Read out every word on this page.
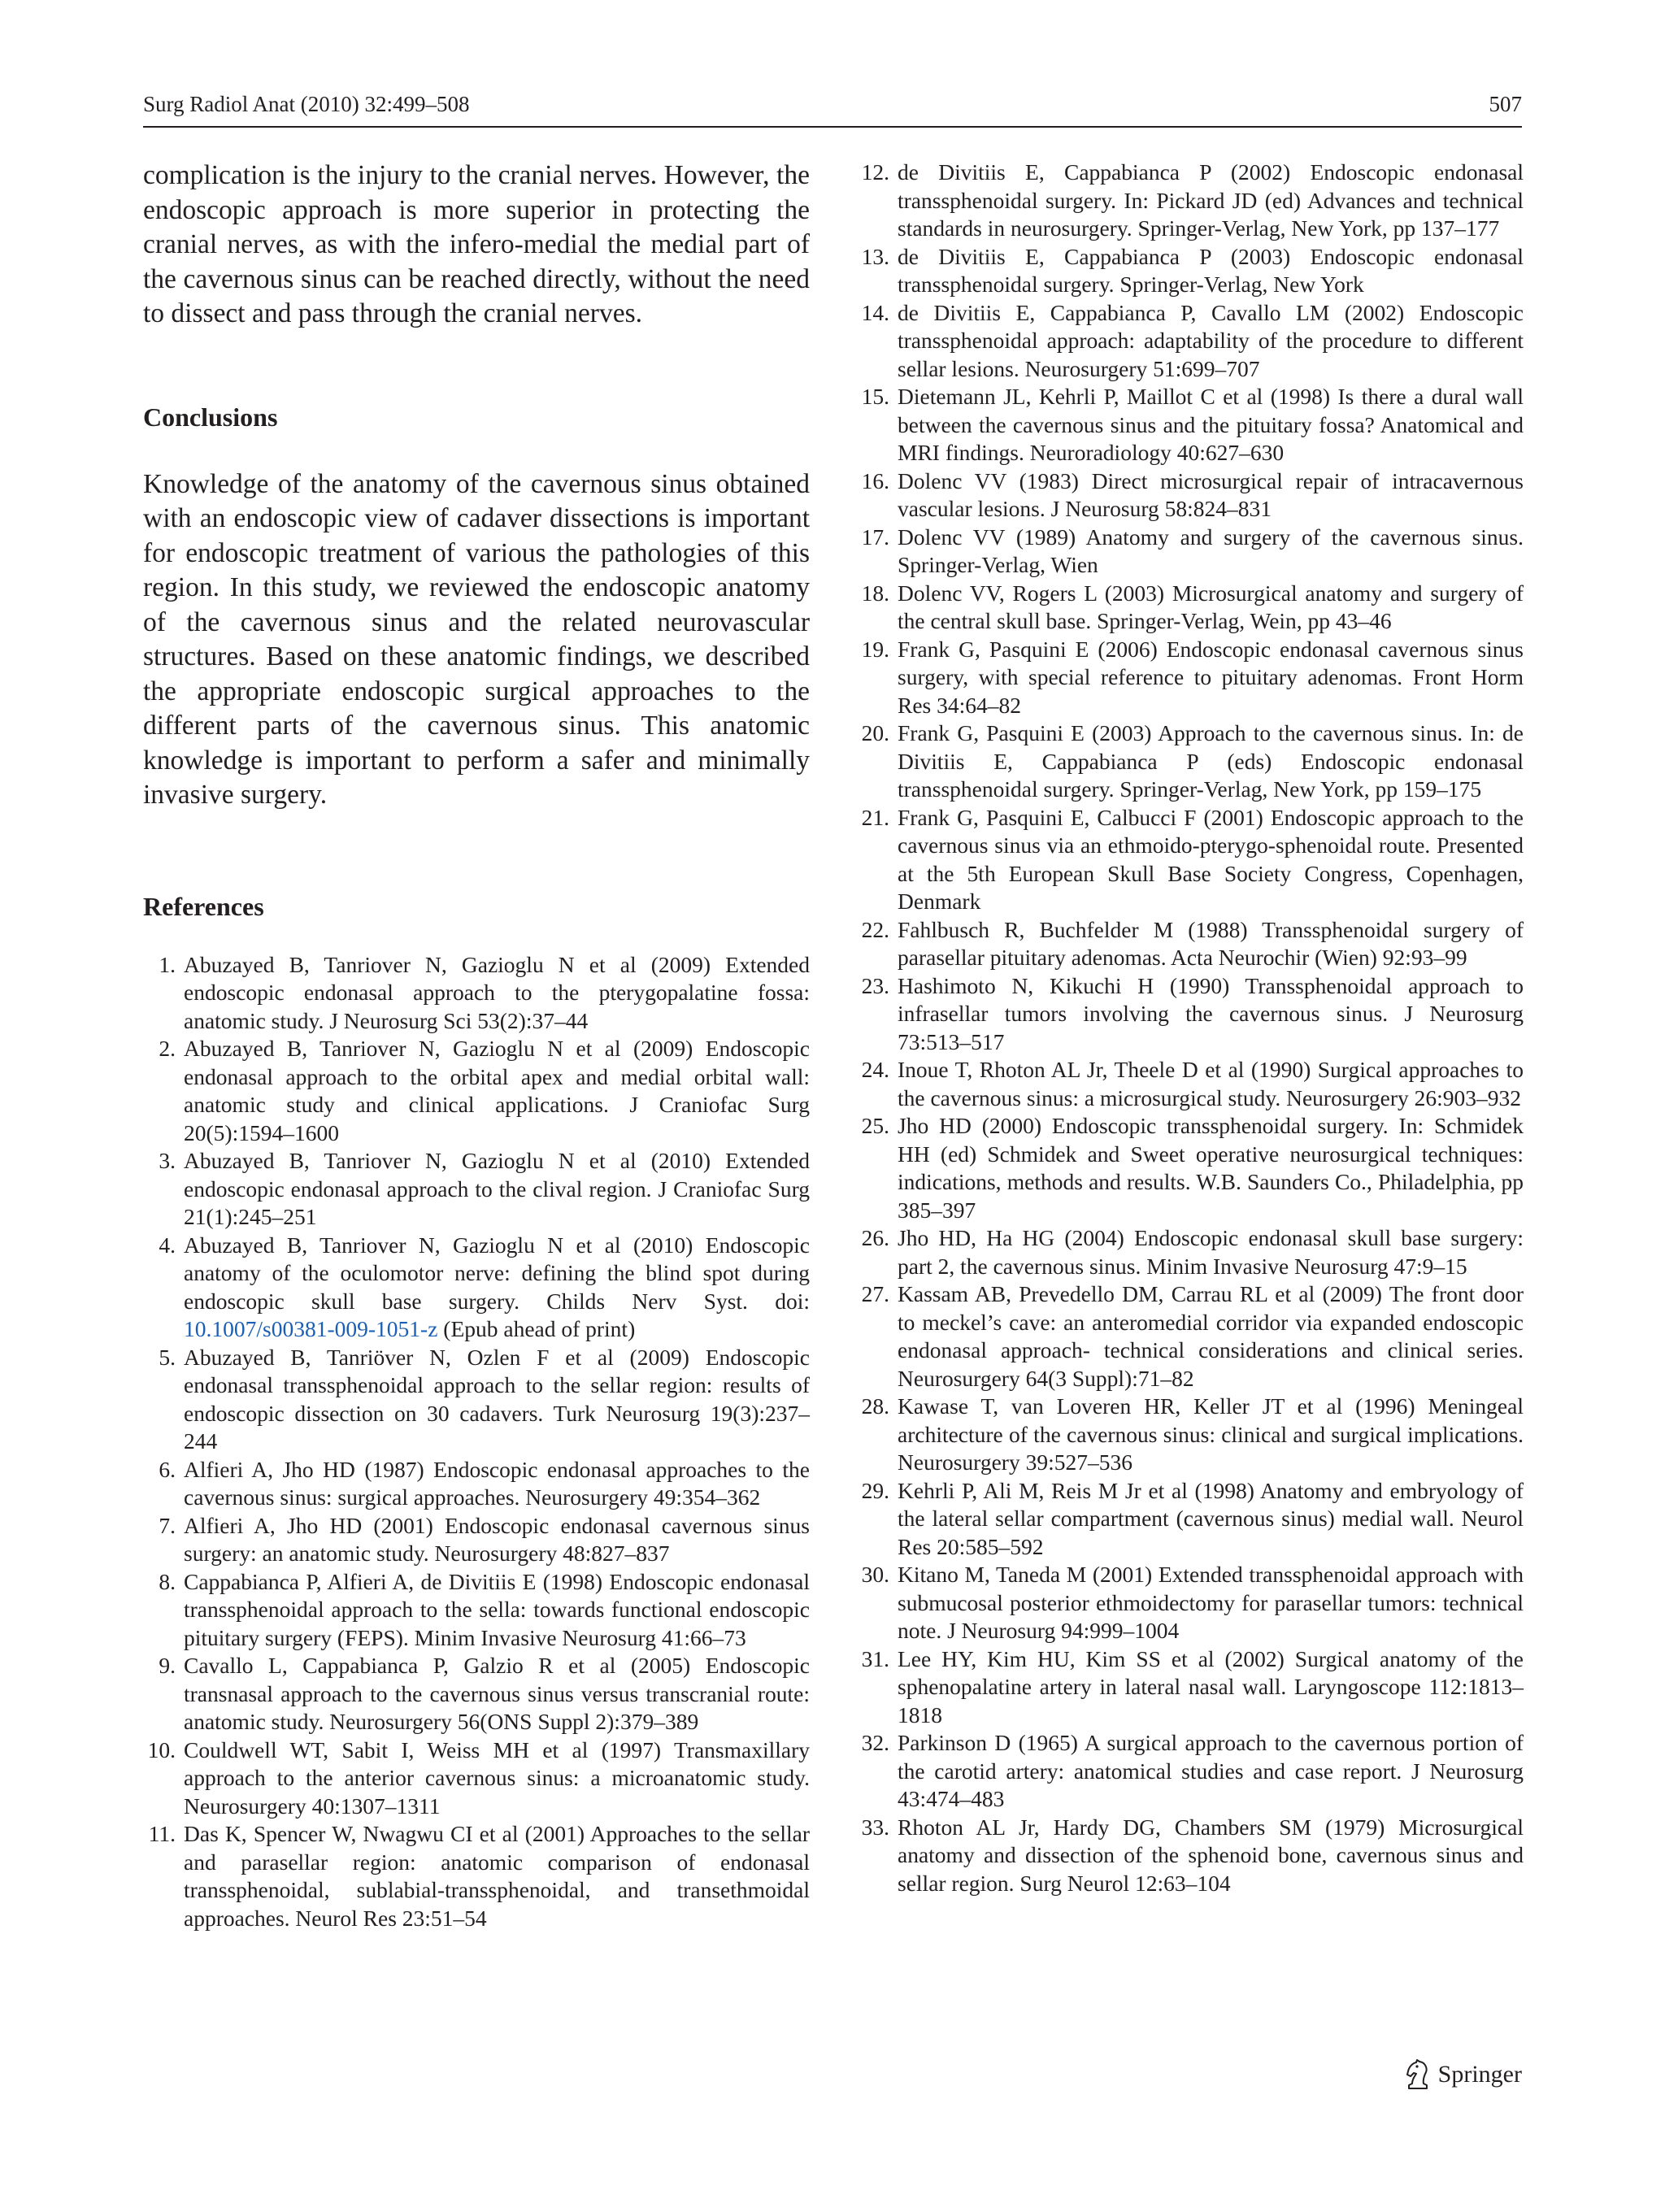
Surg Radiol Anat (2010) 32:499–508	507

complication is the injury to the cranial nerves. However, the endoscopic approach is more superior in protecting the cranial nerves, as with the infero-medial the medial part of the cavernous sinus can be reached directly, without the need to dissect and pass through the cranial nerves.

Conclusions

Knowledge of the anatomy of the cavernous sinus obtained with an endoscopic view of cadaver dissections is important for endoscopic treatment of various the pathologies of this region. In this study, we reviewed the endoscopic anatomy of the cavernous sinus and the related neurovascular structures. Based on these anatomic findings, we described the appropriate endoscopic surgical approaches to the different parts of the cavernous sinus. This anatomic knowledge is important to perform a safer and minimally invasive surgery.

References
1. Abuzayed B, Tanriover N, Gazioglu N et al (2009) Extended endoscopic endonasal approach to the pterygopalatine fossa: anatomic study. J Neurosurg Sci 53(2):37–44
2. Abuzayed B, Tanriover N, Gazioglu N et al (2009) Endoscopic endonasal approach to the orbital apex and medial orbital wall: anatomic study and clinical applications. J Craniofac Surg 20(5):1594–1600
3. Abuzayed B, Tanriover N, Gazioglu N et al (2010) Extended endoscopic endonasal approach to the clival region. J Craniofac Surg 21(1):245–251
4. Abuzayed B, Tanriover N, Gazioglu N et al (2010) Endoscopic anatomy of the oculomotor nerve: defining the blind spot during endoscopic skull base surgery. Childs Nerv Syst. doi: 10.1007/s00381-009-1051-z (Epub ahead of print)
5. Abuzayed B, Tanriöver N, Ozlen F et al (2009) Endoscopic endonasal transsphenoidal approach to the sellar region: results of endoscopic dissection on 30 cadavers. Turk Neurosurg 19(3):237–244
6. Alfieri A, Jho HD (1987) Endoscopic endonasal approaches to the cavernous sinus: surgical approaches. Neurosurgery 49:354–362
7. Alfieri A, Jho HD (2001) Endoscopic endonasal cavernous sinus surgery: an anatomic study. Neurosurgery 48:827–837
8. Cappabianca P, Alfieri A, de Divitiis E (1998) Endoscopic endonasal transsphenoidal approach to the sella: towards functional endoscopic pituitary surgery (FEPS). Minim Invasive Neurosurg 41:66–73
9. Cavallo L, Cappabianca P, Galzio R et al (2005) Endoscopic transnasal approach to the cavernous sinus versus transcranial route: anatomic study. Neurosurgery 56(ONS Suppl 2):379–389
10. Couldwell WT, Sabit I, Weiss MH et al (1997) Transmaxillary approach to the anterior cavernous sinus: a microanatomic study. Neurosurgery 40:1307–1311
11. Das K, Spencer W, Nwagwu CI et al (2001) Approaches to the sellar and parasellar region: anatomic comparison of endonasal transsphenoidal, sublabial-transsphenoidal, and transethmoidal approaches. Neurol Res 23:51–54
12. de Divitiis E, Cappabianca P (2002) Endoscopic endonasal transsphenoidal surgery. In: Pickard JD (ed) Advances and technical standards in neurosurgery. Springer-Verlag, New York, pp 137–177
13. de Divitiis E, Cappabianca P (2003) Endoscopic endonasal transsphenoidal surgery. Springer-Verlag, New York
14. de Divitiis E, Cappabianca P, Cavallo LM (2002) Endoscopic transsphenoidal approach: adaptability of the procedure to different sellar lesions. Neurosurgery 51:699–707
15. Dietemann JL, Kehrli P, Maillot C et al (1998) Is there a dural wall between the cavernous sinus and the pituitary fossa? Anatomical and MRI findings. Neuroradiology 40:627–630
16. Dolenc VV (1983) Direct microsurgical repair of intracavernous vascular lesions. J Neurosurg 58:824–831
17. Dolenc VV (1989) Anatomy and surgery of the cavernous sinus. Springer-Verlag, Wien
18. Dolenc VV, Rogers L (2003) Microsurgical anatomy and surgery of the central skull base. Springer-Verlag, Wein, pp 43–46
19. Frank G, Pasquini E (2006) Endoscopic endonasal cavernous sinus surgery, with special reference to pituitary adenomas. Front Horm Res 34:64–82
20. Frank G, Pasquini E (2003) Approach to the cavernous sinus. In: de Divitiis E, Cappabianca P (eds) Endoscopic endonasal transsphenoidal surgery. Springer-Verlag, New York, pp 159–175
21. Frank G, Pasquini E, Calbucci F (2001) Endoscopic approach to the cavernous sinus via an ethmoido-pterygo-sphenoidal route. Presented at the 5th European Skull Base Society Congress, Copenhagen, Denmark
22. Fahlbusch R, Buchfelder M (1988) Transsphenoidal surgery of parasellar pituitary adenomas. Acta Neurochir (Wien) 92:93–99
23. Hashimoto N, Kikuchi H (1990) Transsphenoidal approach to infrasellar tumors involving the cavernous sinus. J Neurosurg 73:513–517
24. Inoue T, Rhoton AL Jr, Theele D et al (1990) Surgical approaches to the cavernous sinus: a microsurgical study. Neurosurgery 26:903–932
25. Jho HD (2000) Endoscopic transsphenoidal surgery. In: Schmidek HH (ed) Schmidek and Sweet operative neurosurgical techniques: indications, methods and results. W.B. Saunders Co., Philadelphia, pp 385–397
26. Jho HD, Ha HG (2004) Endoscopic endonasal skull base surgery: part 2, the cavernous sinus. Minim Invasive Neurosurg 47:9–15
27. Kassam AB, Prevedello DM, Carrau RL et al (2009) The front door to meckel’s cave: an anteromedial corridor via expanded endoscopic endonasal approach- technical considerations and clinical series. Neurosurgery 64(3 Suppl):71–82
28. Kawase T, van Loveren HR, Keller JT et al (1996) Meningeal architecture of the cavernous sinus: clinical and surgical implications. Neurosurgery 39:527–536
29. Kehrli P, Ali M, Reis M Jr et al (1998) Anatomy and embryology of the lateral sellar compartment (cavernous sinus) medial wall. Neurol Res 20:585–592
30. Kitano M, Taneda M (2001) Extended transsphenoidal approach with submucosal posterior ethmoidectomy for parasellar tumors: technical note. J Neurosurg 94:999–1004
31. Lee HY, Kim HU, Kim SS et al (2002) Surgical anatomy of the sphenopalatine artery in lateral nasal wall. Laryngoscope 112:1813–1818
32. Parkinson D (1965) A surgical approach to the cavernous portion of the carotid artery: anatomical studies and case report. J Neurosurg 43:474–483
33. Rhoton AL Jr, Hardy DG, Chambers SM (1979) Microsurgical anatomy and dissection of the sphenoid bone, cavernous sinus and sellar region. Surg Neurol 12:63–104
Springer
